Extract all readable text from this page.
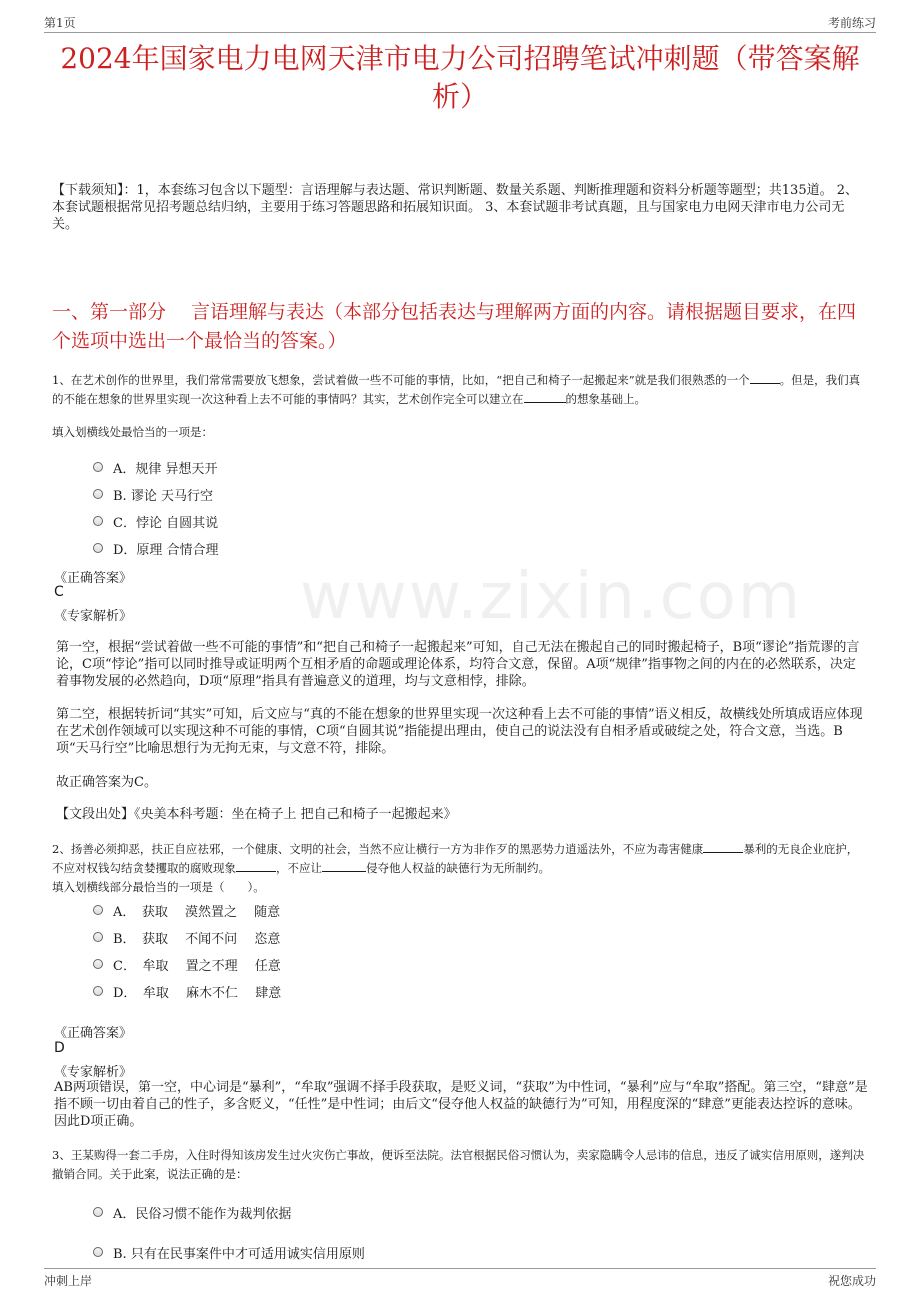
第1页	考前练习
2024年国家电力电网天津市电力公司招聘笔试冲刺题（带答案解析）
【下载须知】：1，本套练习包含以下题型：言语理解与表达题、常识判断题、数量关系题、判断推理题和资料分析题等题型；共135道。 2、本套试题根据常见招考题总结归纳，主要用于练习答题思路和拓展知识面。 3、本套试题非考试真题，且与国家电力电网天津市电力公司无关。
一、第一部分　 言语理解与表达（本部分包括表达与理解两方面的内容。请根据题目要求，在四个选项中选出一个最恰当的答案。）
www.zixin.com
1、在艺术创作的世界里，我们常常需要放飞想象，尝试着做一些不可能的事情，比如，“把自己和椅子一起搬起来”就是我们很熟悉的一个	。但是，我们真的不能在想象的世界里实现一次这种看上去不可能的事情吗？其实，艺术创作完全可以建立在	的想象基础上。
填入划横线处最恰当的一项是：
A．规律 异想天开
B. 谬论 天马行空
C．悖论 自圆其说
D．原理 合情合理
《正确答案》
C
《专家解析》
第一空，根据“尝试着做一些不可能的事情”和“把自己和椅子一起搬起来”可知，自己无法在搬起自己的同时搬起椅子，B项“谬论”指荒谬的言论，C项“悖论”指可以同时推导或证明两个互相矛盾的命题或理论体系，均符合文意，保留。A项“规律”指事物之间的内在的必然联系，决定着事物发展的必然趋向，D项“原理”指具有普遍意义的道理，均与文意相悖，排除。
第二空，根据转折词“其实”可知，后文应与“真的不能在想象的世界里实现一次这种看上去不可能的事情”语义相反，故横线处所填成语应体现在艺术创作领域可以实现这种不可能的事情，C项“自圆其说”指能提出理由，使自己的说法没有自相矛盾或破绽之处，符合文意，当选。B项“天马行空”比喻思想行为无拘无束，与文意不符，排除。
故正确答案为C。
【文段出处】《央美本科考题：坐在椅子上 把自己和椅子一起搬起来》
2、扬善必须抑恶，扶正自应祛邪，一个健康、文明的社会，当然不应让横行一方为非作歹的黑恶势力逍遥法外，不应为毒害健康	暴利的无良企业庇护，不应对权钱勾结贪婪攫取的腐败现象	，不应让	侵夺他人权益的缺德行为无所制约。
填入划横线部分最恰当的一项是（　　）。
A．　获取　 漠然置之　 随意
B．　获取　 不闻不问　 恣意
C．　牟取　 置之不理　 任意
D．　牟取　 麻木不仁　 肆意
《正确答案》
D
《专家解析》
AB两项错误，第一空，中心词是“暴利”，“牟取”强调不择手段获取，是贬义词，“获取”为中性词，“暴利”应与“牟取”搭配。第三空，“肆意”是指不顾一切由着自己的性子，多含贬义，“任性”是中性词；由后文“侵夺他人权益的缺德行为”可知，用程度深的“肆意”更能表达控诉的意味。因此D项正确。
3、王某购得一套二手房，入住时得知该房发生过火灾伤亡事故，便诉至法院。法官根据民俗习惯认为，卖家隐瞒令人忌讳的信息，违反了诚实信用原则，遂判决撤销合同。关于此案，说法正确的是：
A．民俗习惯不能作为裁判依据
B. 只有在民事案件中才可适用诚实信用原则
冲刺上岸	祝您成功
